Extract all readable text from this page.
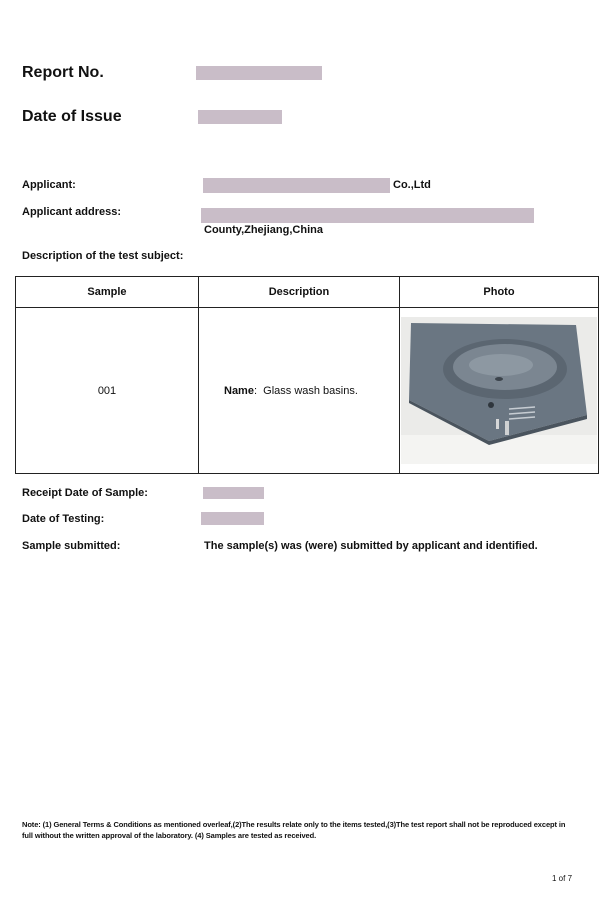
Report No.
Date of Issue
Applicant:	Co.,Ltd
Applicant address:
County,Zhejiang,China
Description of the test subject:
Sample	Description	Photo
001	Name:  Glass wash basins.

Receipt Date of Sample:
Date of Testing:
Sample submitted:	The sample(s) was (were) submitted by applicant and identified.
Note: (1) General Terms & Conditions as mentioned overleaf,(2)The results relate only to the items tested,(3)The test report shall not be reproduced except in
full without the written approval of the laboratory. (4) Samples are tested as received.
1 of 7
